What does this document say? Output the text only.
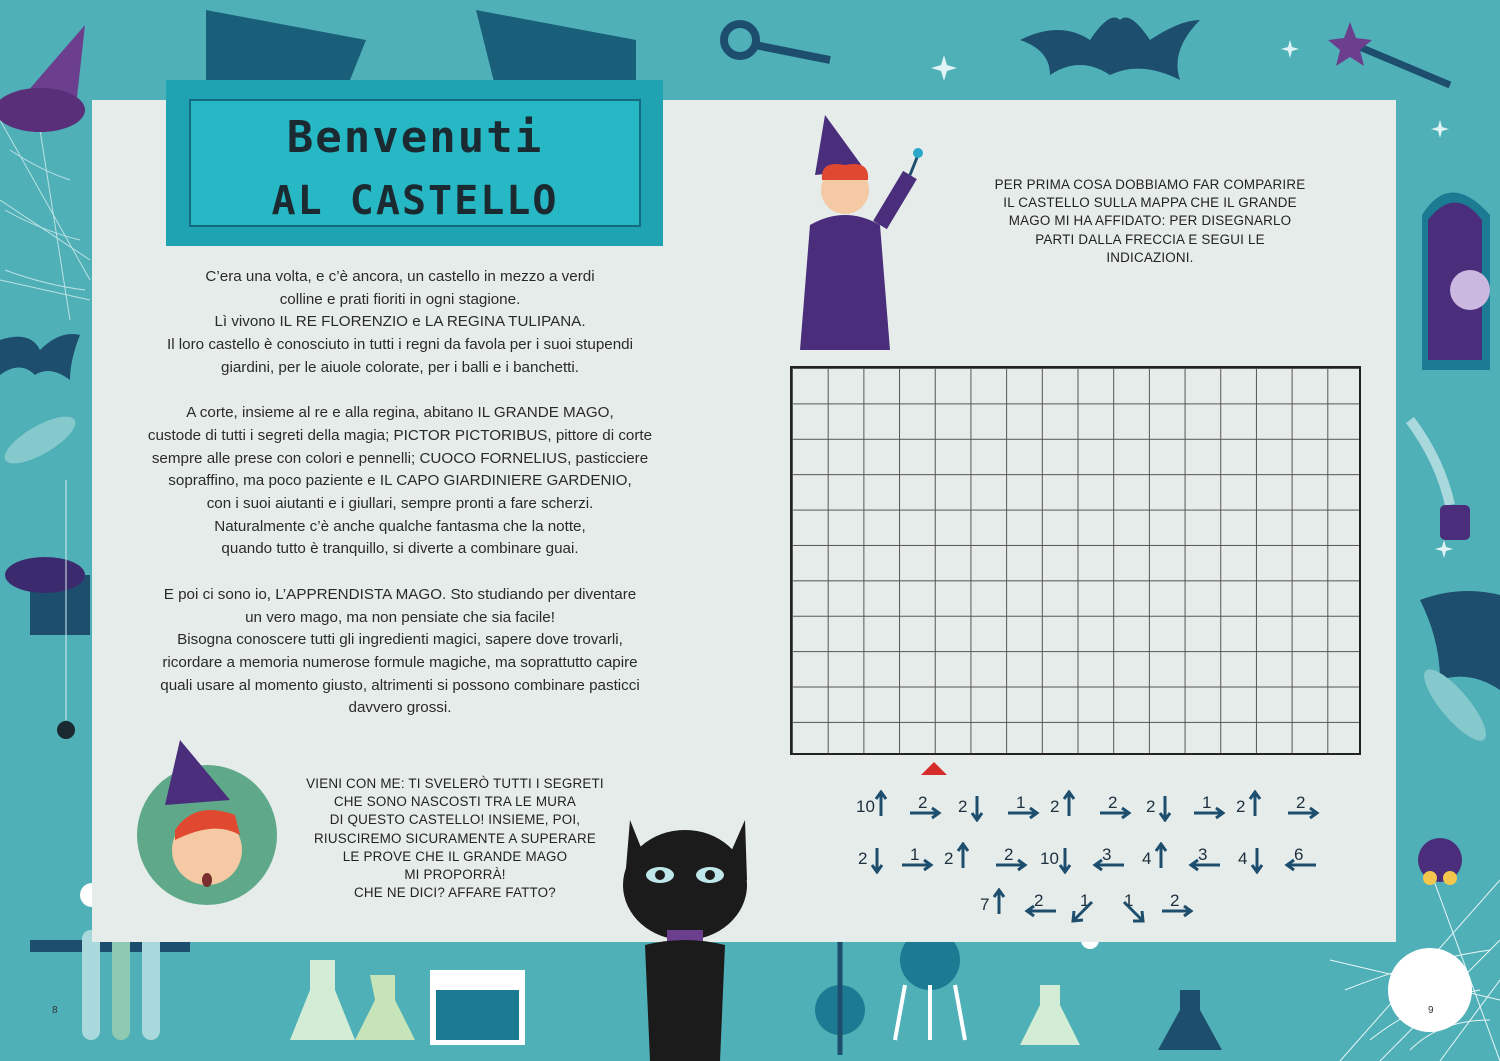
Benvenuti
AL CASTELLO

C’era una volta, e c’è ancora, un castello in mezzo a verdi
colline e prati fioriti in ogni stagione.
Lì vivono IL RE FLORENZIO e LA REGINA TULIPANA.
Il loro castello è conosciuto in tutti i regni da favola per i suoi stupendi
giardini, per le aiuole colorate, per i balli e i banchetti.

A corte, insieme al re e alla regina, abitano IL GRANDE MAGO,
custode di tutti i segreti della magia; PICTOR PICTORIBUS, pittore di corte
sempre alle prese con colori e pennelli; CUOCO FORNELIUS, pasticciere
sopraffino, ma poco paziente e IL CAPO GIARDINIERE GARDENIO,
con i suoi aiutanti e i giullari, sempre pronti a fare scherzi.
Naturalmente c’è anche qualche fantasma che la notte,
quando tutto è tranquillo, si diverte a combinare guai.

E poi ci sono io, L’APPRENDISTA MAGO. Sto studiando per diventare
un vero mago, ma non pensiate che sia facile!
Bisogna conoscere tutti gli ingredienti magici, sapere dove trovarli,
ricordare a memoria numerose formule magiche, ma soprattutto capire
quali usare al momento giusto, altrimenti si possono combinare pasticci
davvero grossi.

PER PRIMA COSA DOBBIAMO FAR COMPARIRE
IL CASTELLO SULLA MAPPA CHE IL GRANDE
MAGO MI HA AFFIDATO: PER DISEGNARLO
PARTI DALLA FRECCIA E SEGUI LE
INDICAZIONI.
10	2 2	1 2	2 2	1 2	2
2	1 2	2 10	3 4	3 4	6
7	2 1 1 2
VIENI CON ME: TI SVELERÒ TUTTI I SEGRETI
CHE SONO NASCOSTI TRA LE MURA
DI QUESTO CASTELLO! INSIEME, POI,
RIUSCIREMO SICURAMENTE A SUPERARE
LE PROVE CHE IL GRANDE MAGO
MI PROPORRÀ!
CHE NE DICI? AFFARE FATTO?
8	9
